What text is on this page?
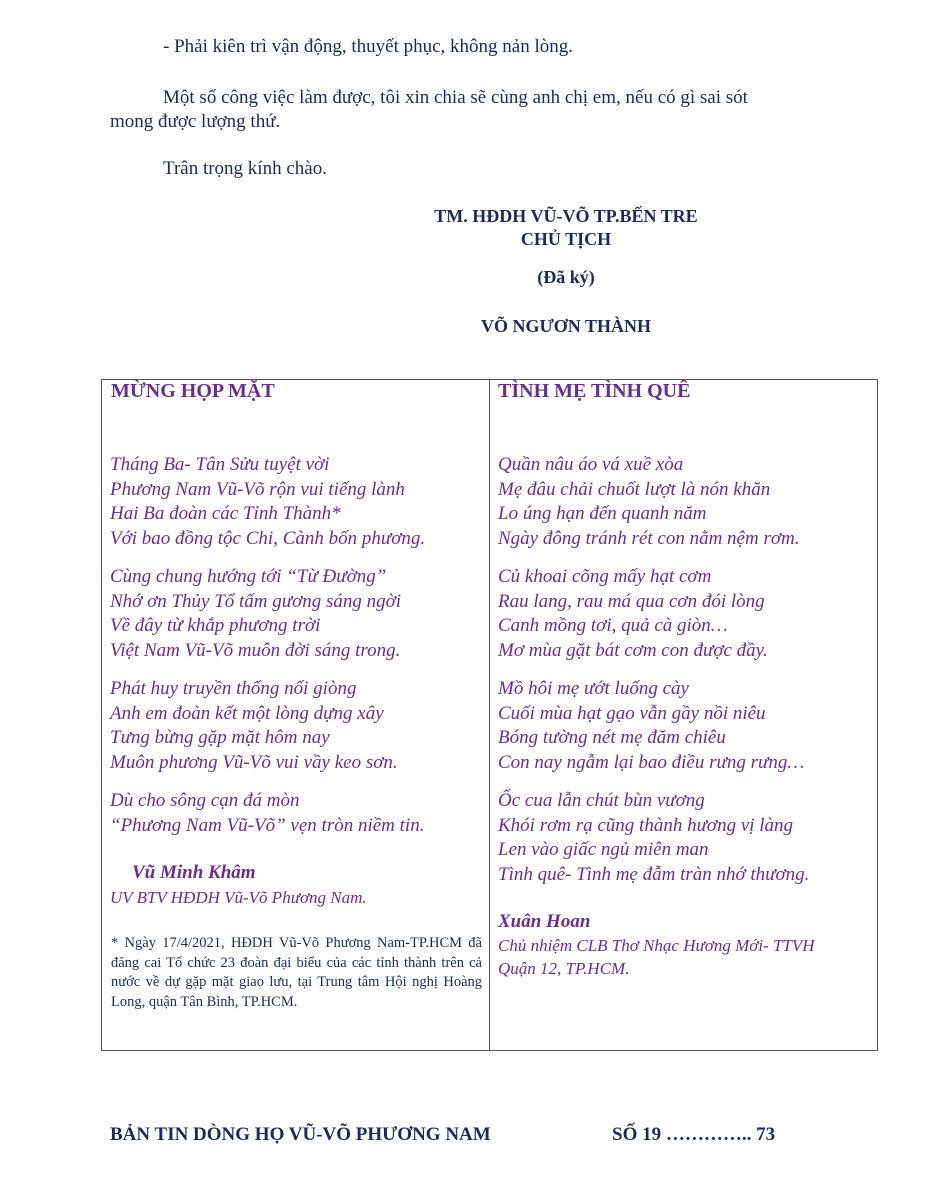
- Phải kiên trì vận động, thuyết phục, không nản lòng.
Một số công việc làm được, tôi xin chia sẽ cùng anh chị em, nếu có gì sai sót
mong được lượng thứ.
Trân trọng kính chào.
TM. HĐDH VŨ-VÕ TP.BẾN TRE
CHỦ TỊCH
(Đã ký)
VÕ NGƯƠN THÀNH
MỪNG HỌP MẶT
Tháng Ba- Tân Sửu tuyệt vời
Phương Nam Vũ-Võ rộn vui tiếng lành
Hai Ba đoàn các Tỉnh Thành*
Với bao đồng tộc Chi, Cành bốn phương.
Cùng chung hướng tới “Từ Đường”
Nhớ ơn Thủy Tổ tấm gương sáng ngời
Về đây từ khắp phương trời
Việt Nam Vũ-Võ muôn đời sáng trong.
Phát huy truyền thống nối giòng
Anh em đoàn kết một lòng dựng xây
Tưng bừng gặp mặt hôm nay
Muôn phương Vũ-Võ vui vầy keo sơn.
Dù cho sông cạn đá mòn
“Phương Nam Vũ-Võ” vẹn tròn niềm tin.
Vũ Minh Khâm
UV BTV HĐDH Vũ-Võ Phương Nam.
* Ngày 17/4/2021, HĐDH Vũ-Võ Phương Nam-TP.HCM đã đăng cai Tổ chức 23 đoàn đại biểu của các tỉnh thành trên cả nước về dự gặp mặt giao lưu, tại Trung tâm Hội nghị Hoàng Long, quận Tân Bình, TP.HCM.
TÌNH MẸ TÌNH QUÊ
Quần nâu áo vá xuề xòa
Mẹ đâu chải chuốt lượt là nón khăn
Lo úng hạn đến quanh năm
Ngày đông tránh rét con nằm nệm rơm.
Củ khoai cõng mấy hạt cơm
Rau lang, rau má qua cơn đói lòng
Canh mồng tơi, quả cà giòn…
Mơ mùa gặt bát cơm con được đầy.
Mồ hôi mẹ ướt luống cày
Cuối mùa hạt gạo vẫn gầy nồi niêu
Bóng tường nét mẹ đăm chiêu
Con nay ngẫm lại bao điều rưng rưng…
Ốc cua lẫn chút bùn vương
Khói rơm rạ cũng thành hương vị làng
Len vào giấc ngủ miên man
Tình quê- Tình mẹ đẫm tràn nhớ thương.
Xuân Hoan
Chủ nhiệm CLB Thơ Nhạc Hương Mới- TTVH
Quận 12, TP.HCM.
BẢN TIN DÒNG HỌ VŨ-VÕ PHƯƠNG NAM	SỐ 19 ………….. 73
